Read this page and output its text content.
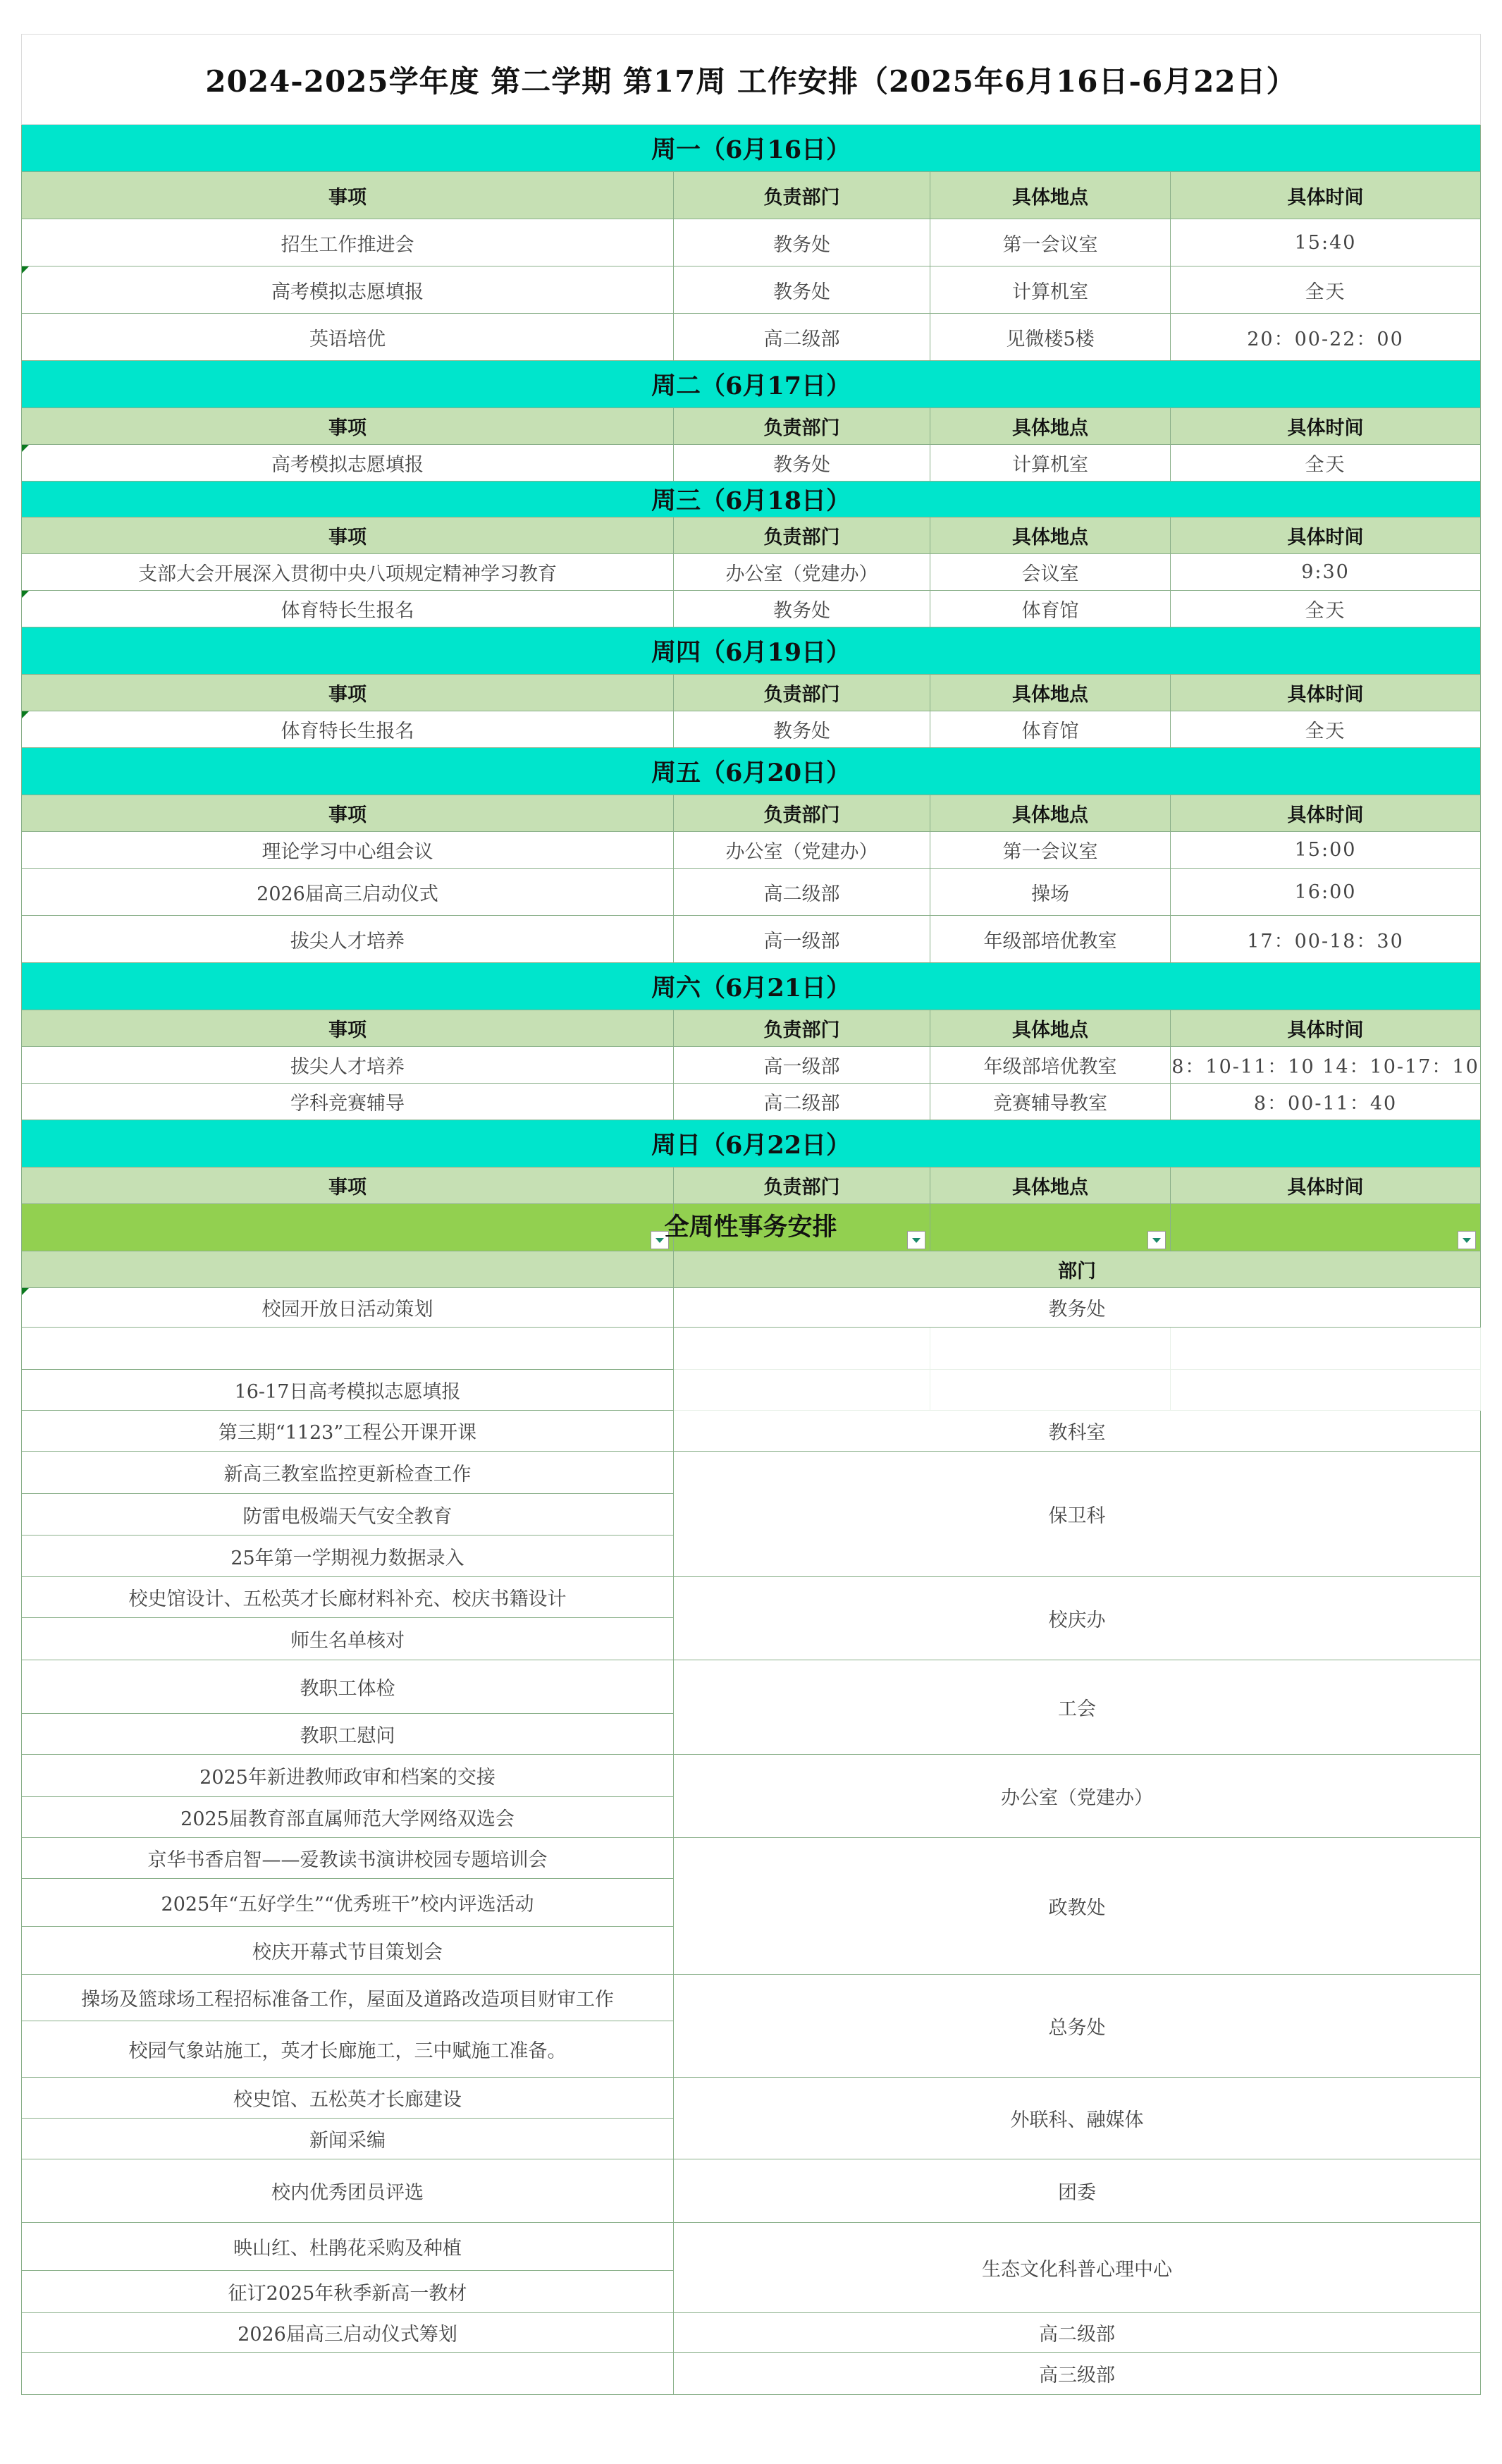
2024-2025学年度 第二学期 第17周 工作安排（2025年6月16日-6月22日）			
周一（6月16日）			
事项	负责部门	具体地点	具体时间
招生工作推进会	教务处	第一会议室	15:40

高考模拟志愿填报	教务处	计算机室	全天
英语培优	高二级部	见微楼5楼	20：00-22：00
周二（6月17日）			
事项	负责部门	具体地点	具体时间

高考模拟志愿填报	教务处	计算机室	全天
周三（6月18日）			
事项	负责部门	具体地点	具体时间
支部大会开展深入贯彻中央八项规定精神学习教育	办公室（党建办）	会议室	9:30

体育特长生报名	教务处	体育馆	全天
周四（6月19日）			
事项	负责部门	具体地点	具体时间

体育特长生报名	教务处	体育馆	全天
周五（6月20日）			
事项	负责部门	具体地点	具体时间
理论学习中心组会议	办公室（党建办）	第一会议室	15:00
2026届高三启动仪式	高二级部	操场	16:00
拔尖人才培养	高一级部	年级部培优教室	17：00-18：30
周六（6月21日）			
事项	负责部门	具体地点	具体时间
拔尖人才培养	高一级部	年级部培优教室	8：10-11：10 14：10-17：10
学科竞赛辅导	高二级部	竞赛辅导教室	8：00-11：40
周日（6月22日）			
事项	负责部门	具体地点	具体时间

	部门		

校园开放日活动策划	教务处		

16-17日高考模拟志愿填报			
第三期“1123”工程公开课开课	教科室		
新高三教室监控更新检查工作	保卫科		
防雷电极端天气安全教育			
25年第一学期视力数据录入			
校史馆设计、五松英才长廊材料补充、校庆书籍设计	校庆办		
师生名单核对			
教职工体检	工会		
教职工慰问			
2025年新进教师政审和档案的交接	办公室（党建办）		
2025届教育部直属师范大学网络双选会			
京华书香启智——爱教读书演讲校园专题培训会	政教处		
2025年“五好学生”“优秀班干”校内评选活动			
校庆开幕式节目策划会			
操场及篮球场工程招标准备工作，屋面及道路改造项目财审工作	总务处		
校园气象站施工，英才长廊施工，三中赋施工准备。			
校史馆、五松英才长廊建设	外联科、融媒体		
新闻采编			
校内优秀团员评选	团委		
映山红、杜鹃花采购及种植	生态文化科普心理中心		
征订2025年秋季新高一教材			
2026届高三启动仪式筹划	高二级部		
	高三级部		
全周性事务安排
